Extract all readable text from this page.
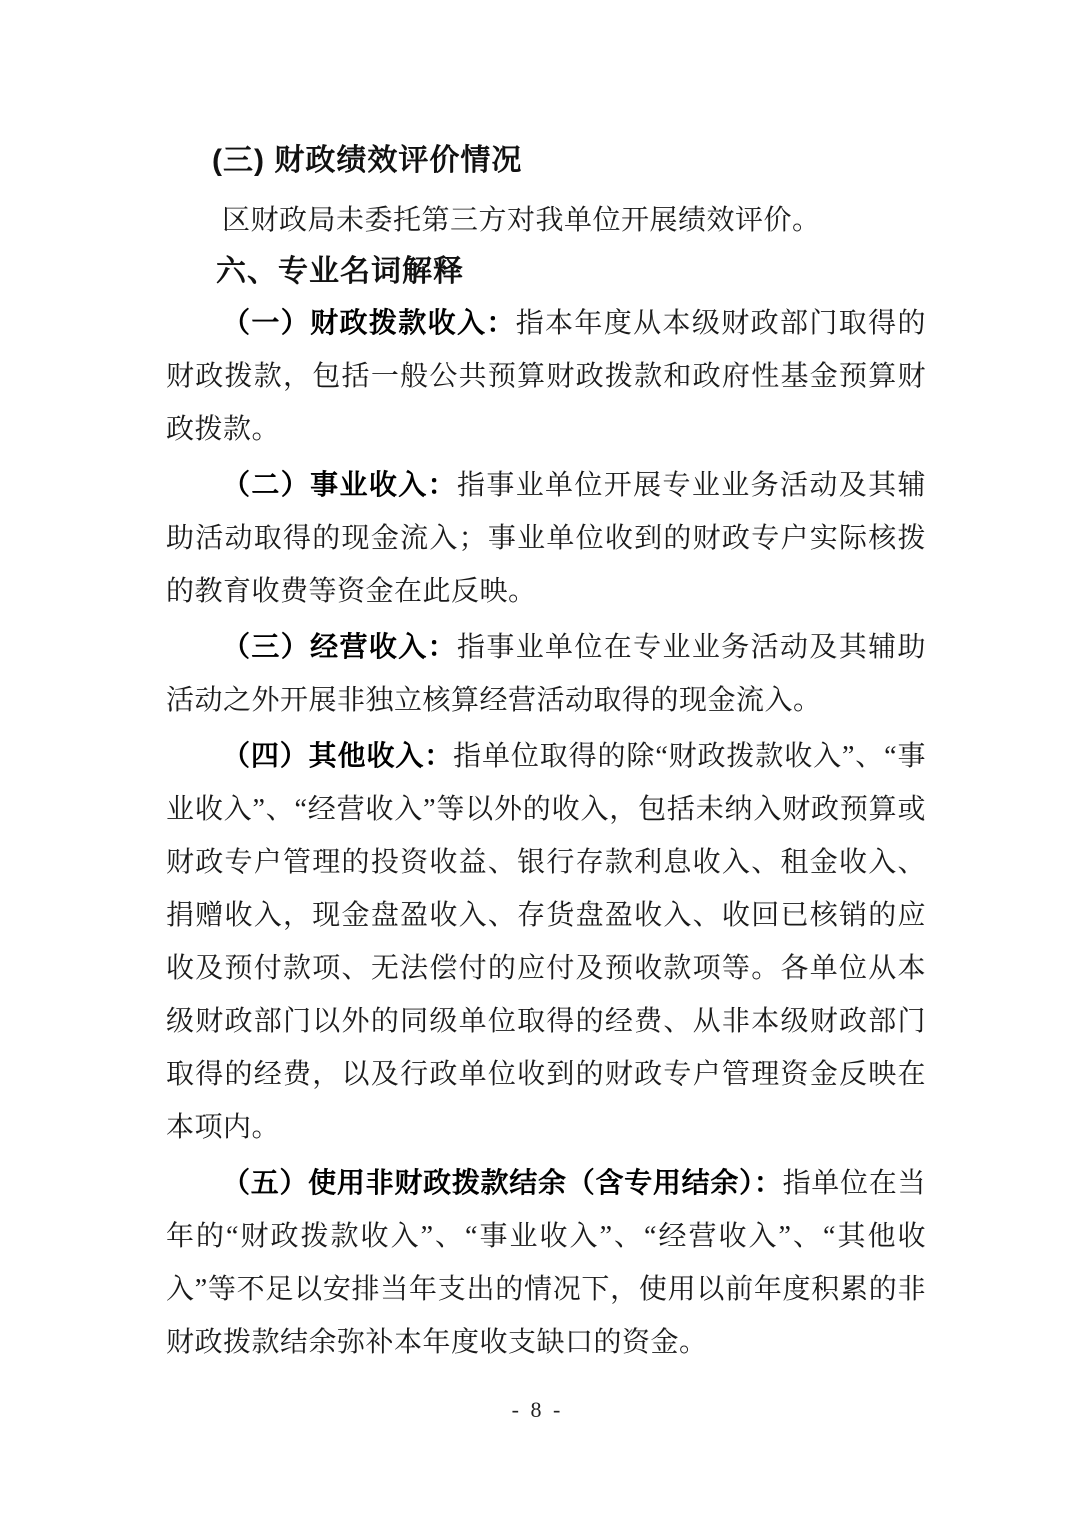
(三) 财政绩效评价情况

区财政局未委托第三方对我单位开展绩效评价。

六、专业名词解释

（一）财政拨款收入：指本年度从本级财政部门取得的财政拨款，包括一般公共预算财政拨款和政府性基金预算财政拨款。

（二）事业收入：指事业单位开展专业业务活动及其辅助活动取得的现金流入；事业单位收到的财政专户实际核拨的教育收费等资金在此反映。

（三）经营收入：指事业单位在专业业务活动及其辅助活动之外开展非独立核算经营活动取得的现金流入。

（四）其他收入：指单位取得的除“财政拨款收入”、“事业收入”、“经营收入”等以外的收入，包括未纳入财政预算或财政专户管理的投资收益、银行存款利息收入、租金收入、捐赠收入，现金盘盈收入、存货盘盈收入、收回已核销的应收及预付款项、无法偿付的应付及预收款项等。各单位从本级财政部门以外的同级单位取得的经费、从非本级财政部门取得的经费，以及行政单位收到的财政专户管理资金反映在本项内。

（五）使用非财政拨款结余（含专用结余）：指单位在当年的“财政拨款收入”、“事业收入”、“经营收入”、“其他收入”等不足以安排当年支出的情况下，使用以前年度积累的非财政拨款结余弥补本年度收支缺口的资金。

- 8 -
